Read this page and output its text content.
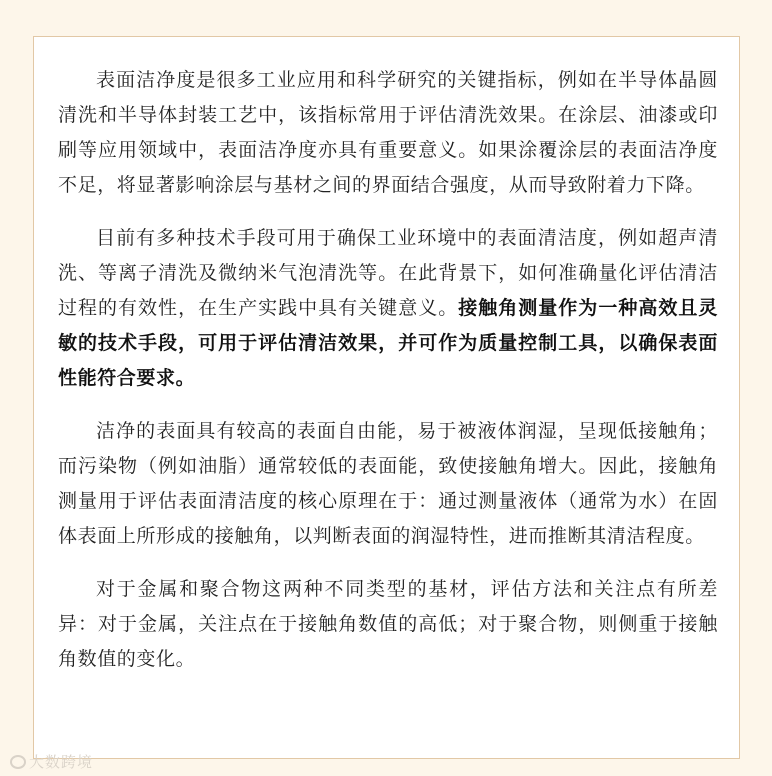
表面洁净度是很多工业应用和科学研究的关键指标，例如在半导体晶圆清洗和半导体封装工艺中，该指标常用于评估清洗效果。在涂层、油漆或印刷等应用领域中，表面洁净度亦具有重要意义。如果涂覆涂层的表面洁净度不足，将显著影响涂层与基材之间的界面结合强度，从而导致附着力下降。

目前有多种技术手段可用于确保工业环境中的表面清洁度，例如超声清洗、等离子清洗及微纳米气泡清洗等。在此背景下，如何准确量化评估清洁过程的有效性，在生产实践中具有关键意义。接触角测量作为一种高效且灵敏的技术手段，可用于评估清洁效果，并可作为质量控制工具，以确保表面性能符合要求。

洁净的表面具有较高的表面自由能，易于被液体润湿，呈现低接触角；而污染物（例如油脂）通常较低的表面能，致使接触角增大。因此，接触角测量用于评估表面清洁度的核心原理在于：通过测量液体（通常为水）在固体表面上所形成的接触角，以判断表面的润湿特性，进而推断其清洁程度。

对于金属和聚合物这两种不同类型的基材，评估方法和关注点有所差异：对于金属，关注点在于接触角数值的高低；对于聚合物，则侧重于接触角数值的变化。

大数跨境
